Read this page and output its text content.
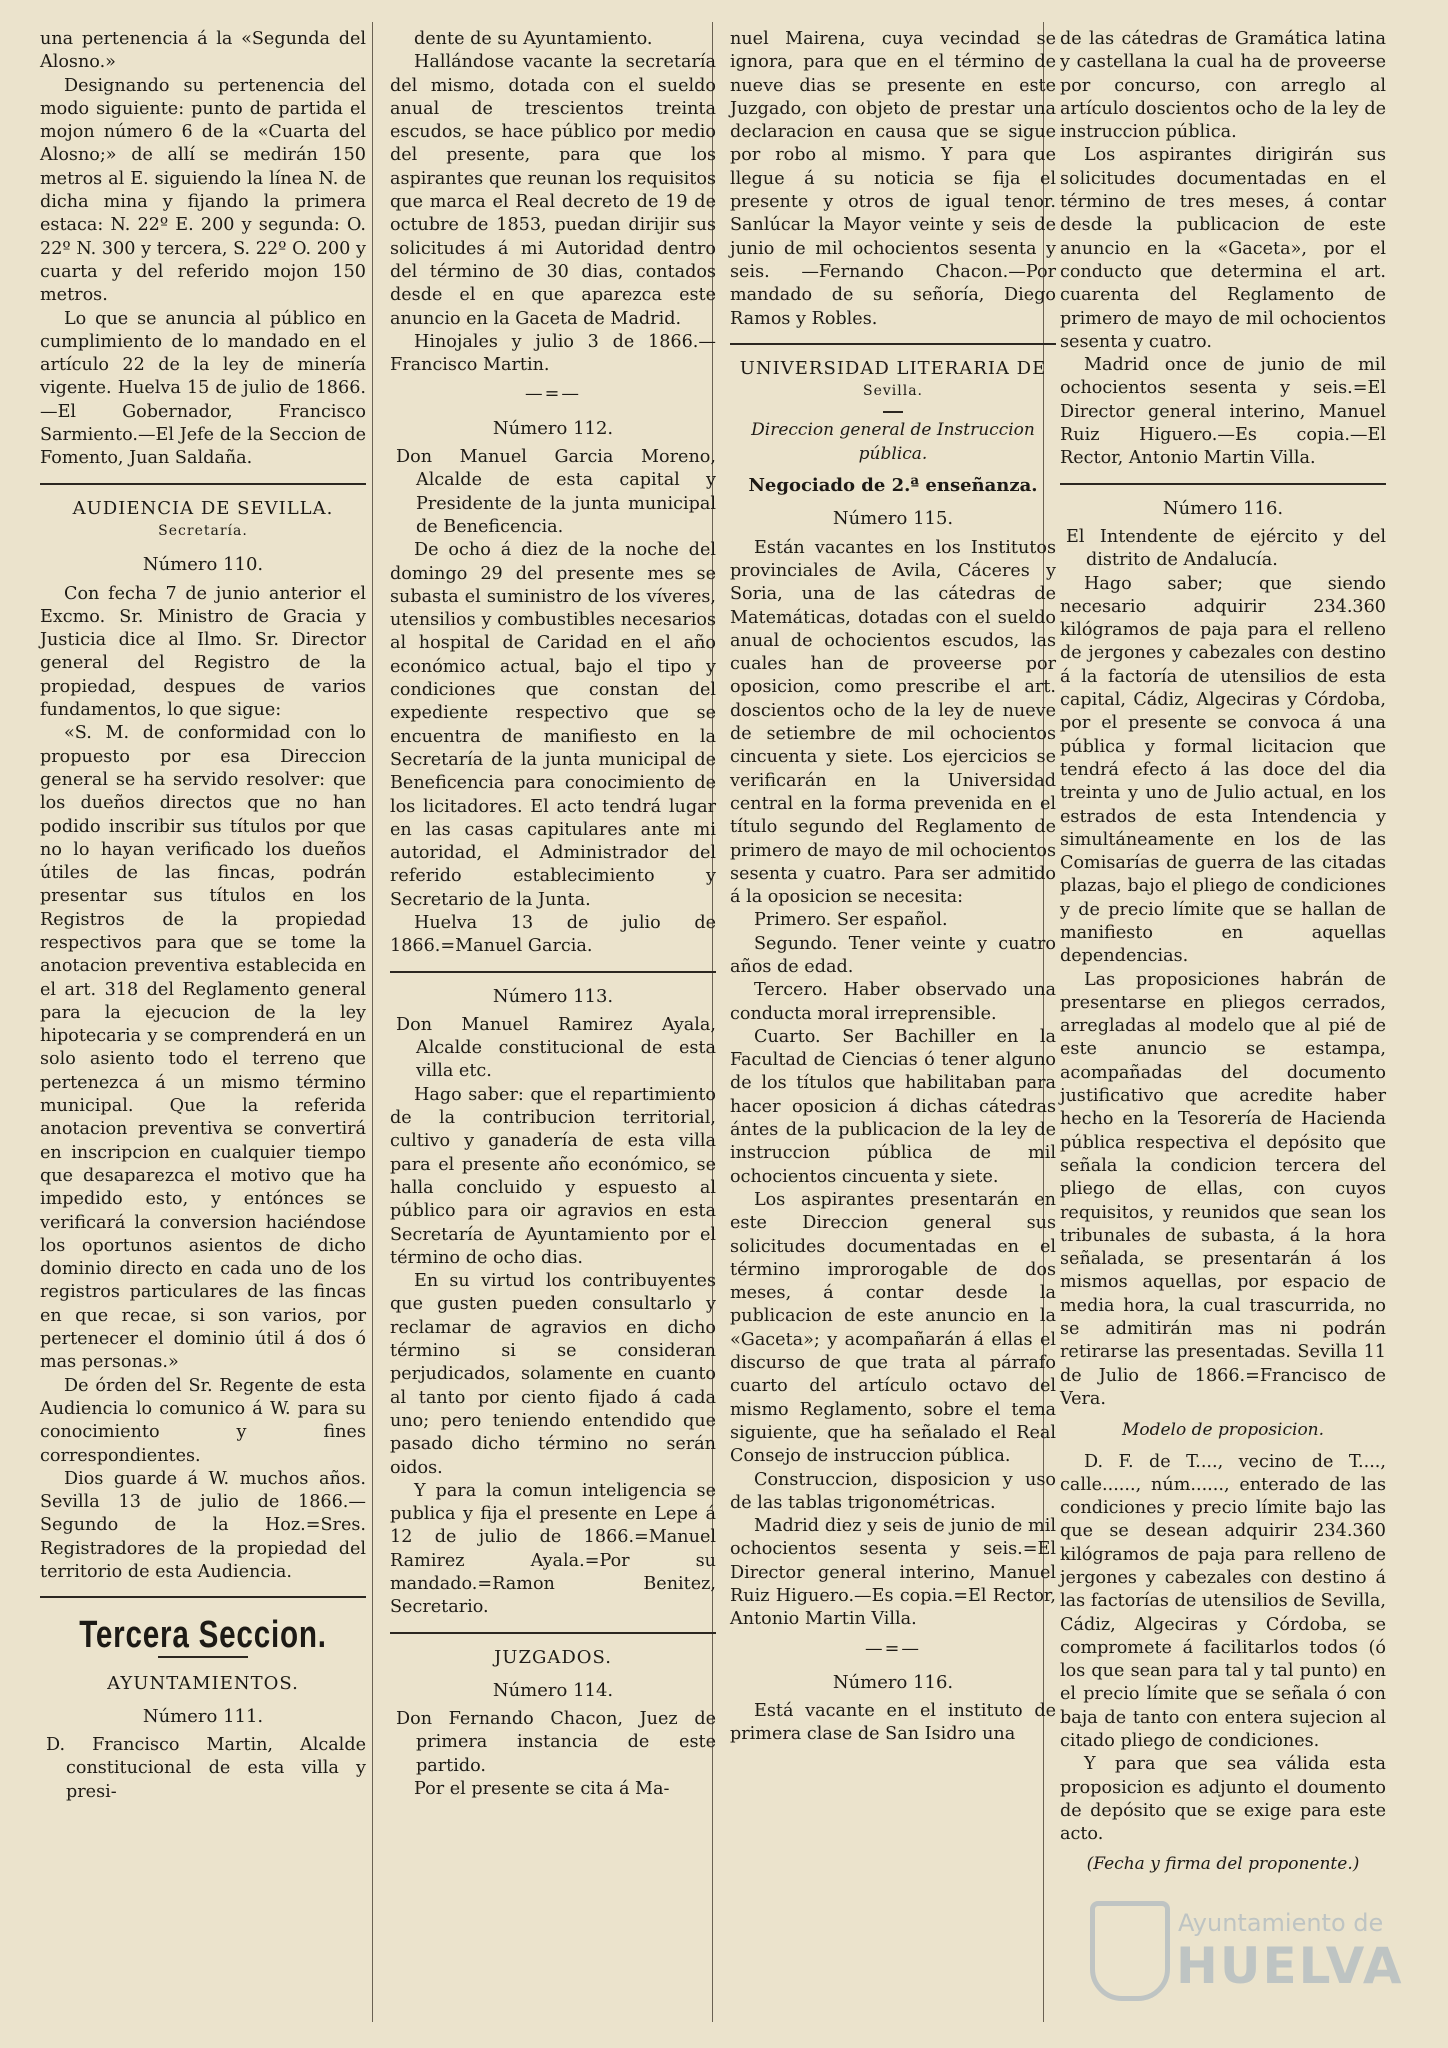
una pertenencia á la «Segunda del Alosno.»

Designando su pertenencia del modo siguiente: punto de partida el mojon número 6 de la «Cuarta del Alosno;» de allí se medirán 150 metros al E. siguiendo la línea N. de dicha mina y fijando la primera estaca: N. 22º E. 200 y segunda: O. 22º N. 300 y tercera, S. 22º O. 200 y cuarta y del referido mojon 150 metros.

Lo que se anuncia al público en cumplimiento de lo mandado en el artículo 22 de la ley de minería vigente. Huelva 15 de julio de 1866.—El Gobernador, Francisco Sarmiento.—El Jefe de la Seccion de Fomento, Juan Saldaña.

AUDIENCIA DE SEVILLA.
Secretaría.
Número 110.

Con fecha 7 de junio anterior el Excmo. Sr. Ministro de Gracia y Justicia dice al Ilmo. Sr. Director general del Registro de la propiedad, despues de varios fundamentos, lo que sigue:

«S. M. de conformidad con lo propuesto por esa Direccion general se ha servido resolver: que los dueños directos que no han podido inscribir sus títulos por que no lo hayan verificado los dueños útiles de las fincas, podrán presentar sus títulos en los Registros de la propiedad respectivos para que se tome la anotacion preventiva establecida en el art. 318 del Reglamento general para la ejecucion de la ley hipotecaria y se comprenderá en un solo asiento todo el terreno que pertenezca á un mismo término municipal. Que la referida anotacion preventiva se convertirá en inscripcion en cualquier tiempo que desaparezca el motivo que ha impedido esto, y entónces se verificará la conversion haciéndose los oportunos asientos de dicho dominio directo en cada uno de los registros particulares de las fincas en que recae, si son varios, por pertenecer el dominio útil á dos ó mas personas.»

De órden del Sr. Regente de esta Audiencia lo comunico á W. para su conocimiento y fines correspondientes.

Dios guarde á W. muchos años. Sevilla 13 de julio de 1866.—Segundo de la Hoz.=Sres. Registradores de la propiedad del territorio de esta Audiencia.

Tercera Seccion.
AYUNTAMIENTOS.
Número 111.

D. Francisco Martin, Alcalde constitucional de esta villa y presi-

dente de su Ayuntamiento.

Hallándose vacante la secretaría del mismo, dotada con el sueldo anual de trescientos treinta escudos, se hace público por medio del presente, para que los aspirantes que reunan los requisitos que marca el Real decreto de 19 de octubre de 1853, puedan dirijir sus solicitudes á mi Autoridad dentro del término de 30 dias, contados desde el en que aparezca este anuncio en la Gaceta de Madrid.

Hinojales y julio 3 de 1866.—Francisco Martin.

—=—
Número 112.

Don Manuel Garcia Moreno, Alcalde de esta capital y Presidente de la junta municipal de Beneficencia.

De ocho á diez de la noche del domingo 29 del presente mes se subasta el suministro de los víveres, utensilios y combustibles necesarios al hospital de Caridad en el año económico actual, bajo el tipo y condiciones que constan del expediente respectivo que se encuentra de manifiesto en la Secretaría de la junta municipal de Beneficencia para conocimiento de los licitadores. El acto tendrá lugar en las casas capitulares ante mi autoridad, el Administrador del referido establecimiento y Secretario de la Junta.

Huelva 13 de julio de 1866.=Manuel Garcia.

Número 113.

Don Manuel Ramirez Ayala, Alcalde constitucional de esta villa etc.

Hago saber: que el repartimiento de la contribucion territorial, cultivo y ganadería de esta villa para el presente año económico, se halla concluido y espuesto al público para oir agravios en esta Secretaría de Ayuntamiento por el término de ocho dias.

En su virtud los contribuyentes que gusten pueden consultarlo y reclamar de agravios en dicho término si se consideran perjudicados, solamente en cuanto al tanto por ciento fijado á cada uno; pero teniendo entendido que pasado dicho término no serán oidos.

Y para la comun inteligencia se publica y fija el presente en Lepe á 12 de julio de 1866.=Manuel Ramirez Ayala.=Por su mandado.=Ramon Benitez, Secretario.

JUZGADOS.
Número 114.

Don Fernando Chacon, Juez de primera instancia de este partido.

Por el presente se cita á Ma-

nuel Mairena, cuya vecindad se ignora, para que en el término de nueve dias se presente en este Juzgado, con objeto de prestar una declaracion en causa que se sigue por robo al mismo. Y para que llegue á su noticia se fija el presente y otros de igual tenor. Sanlúcar la Mayor veinte y seis de junio de mil ochocientos sesenta y seis. —Fernando Chacon.—Por mandado de su señoría, Diego Ramos y Robles.

UNIVERSIDAD LITERARIA DE
Sevilla.
Direccion general de Instruccion pública.
Negociado de 2.ª enseñanza.
Número 115.

Están vacantes en los Institutos provinciales de Avila, Cáceres y Soria, una de las cátedras de Matemáticas, dotadas con el sueldo anual de ochocientos escudos, las cuales han de proveerse por oposicion, como prescribe el art. doscientos ocho de la ley de nueve de setiembre de mil ochocientos cincuenta y siete. Los ejercicios se verificarán en la Universidad central en la forma prevenida en el título segundo del Reglamento de primero de mayo de mil ochocientos sesenta y cuatro. Para ser admitido á la oposicion se necesita:

Primero. Ser español.

Segundo. Tener veinte y cuatro años de edad.

Tercero. Haber observado una conducta moral irreprensible.

Cuarto. Ser Bachiller en la Facultad de Ciencias ó tener alguno de los títulos que habilitaban para hacer oposicion á dichas cátedras ántes de la publicacion de la ley de instruccion pública de mil ochocientos cincuenta y siete.

Los aspirantes presentarán en este Direccion general sus solicitudes documentadas en el término improrogable de dos meses, á contar desde la publicacion de este anuncio en la «Gaceta»; y acompañarán á ellas el discurso de que trata al párrafo cuarto del artículo octavo del mismo Reglamento, sobre el tema siguiente, que ha señalado el Real Consejo de instruccion pública.

Construccion, disposicion y uso de las tablas trigonométricas.

Madrid diez y seis de junio de mil ochocientos sesenta y seis.=El Director general interino, Manuel Ruiz Higuero.—Es copia.=El Rector, Antonio Martin Villa.

—=—
Número 116.

Está vacante en el instituto de primera clase de San Isidro una

de las cátedras de Gramática latina y castellana la cual ha de proveerse por concurso, con arreglo al artículo doscientos ocho de la ley de instruccion pública.

Los aspirantes dirigirán sus solicitudes documentadas en el término de tres meses, á contar desde la publicacion de este anuncio en la «Gaceta», por el conducto que determina el art. cuarenta del Reglamento de primero de mayo de mil ochocientos sesenta y cuatro.

Madrid once de junio de mil ochocientos sesenta y seis.=El Director general interino, Manuel Ruiz Higuero.—Es copia.—El Rector, Antonio Martin Villa.

Número 116.

El Intendente de ejército y del distrito de Andalucía.

Hago saber; que siendo necesario adquirir 234.360 kilógramos de paja para el relleno de jergones y cabezales con destino á la factoría de utensilios de esta capital, Cádiz, Algeciras y Córdoba, por el presente se convoca á una pública y formal licitacion que tendrá efecto á las doce del dia treinta y uno de Julio actual, en los estrados de esta Intendencia y simultáneamente en los de las Comisarías de guerra de las citadas plazas, bajo el pliego de condiciones y de precio límite que se hallan de manifiesto en aquellas dependencias.

Las proposiciones habrán de presentarse en pliegos cerrados, arregladas al modelo que al pié de este anuncio se estampa, acompañadas del documento justificativo que acredite haber hecho en la Tesorería de Hacienda pública respectiva el depósito que señala la condicion tercera del pliego de ellas, con cuyos requisitos, y reunidos que sean los tribunales de subasta, á la hora señalada, se presentarán á los mismos aquellas, por espacio de media hora, la cual trascurrida, no se admitirán mas ni podrán retirarse las presentadas. Sevilla 11 de Julio de 1866.=Francisco de Vera.

Modelo de proposicion.

D. F. de T...., vecino de T...., calle......, núm......, enterado de las condiciones y precio límite bajo las que se desean adquirir 234.360 kilógramos de paja para relleno de jergones y cabezales con destino á las factorías de utensilios de Sevilla, Cádiz, Algeciras y Córdoba, se compromete á facilitarlos todos (ó los que sean para tal y tal punto) en el precio límite que se señala ó con baja de tanto con entera sujecion al citado pliego de condiciones.

Y para que sea válida esta proposicion es adjunto el doumento de depósito que se exige para este acto.

(Fecha y firma del proponente.)
Ayuntamiento de
HUELVA
